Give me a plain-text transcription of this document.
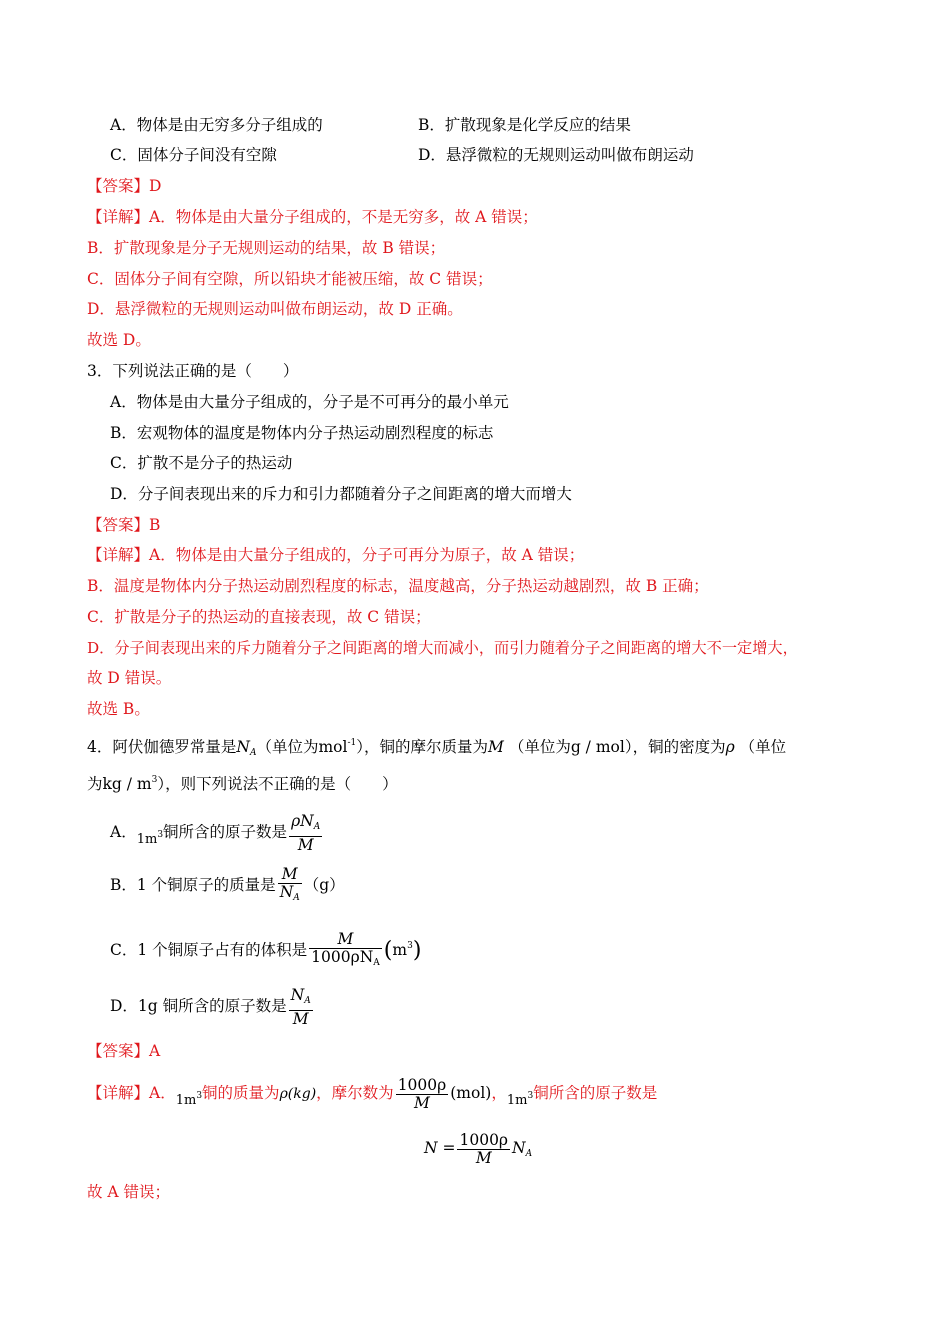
A．物体是由无穷多分子组成的	B．扩散现象是化学反应的结果
C．固体分子间没有空隙	D．悬浮微粒的无规则运动叫做布朗运动
【答案】D
【详解】A．物体是由大量分子组成的，不是无穷多，故 A 错误；
B．扩散现象是分子无规则运动的结果，故 B 错误；
C．固体分子间有空隙，所以铅块才能被压缩，故 C 错误；
D．悬浮微粒的无规则运动叫做布朗运动，故 D 正确。
故选 D。
3．下列说法正确的是（　　）
A．物体是由大量分子组成的，分子是不可再分的最小单元
B．宏观物体的温度是物体内分子热运动剧烈程度的标志
C．扩散不是分子的热运动
D．分子间表现出来的斥力和引力都随着分子之间距离的增大而增大
【答案】B
【详解】A．物体是由大量分子组成的，分子可再分为原子，故 A 错误；
B．温度是物体内分子热运动剧烈程度的标志，温度越高，分子热运动越剧烈，故 B 正确；
C．扩散是分子的热运动的直接表现，故 C 错误；
D．分子间表现出来的斥力随着分子之间距离的增大而减小，而引力随着分子之间距离的增大不一定增大，
故 D 错误。
故选 B。
4．阿伏伽德罗常量是$N_A$（单位为mol$^{-1}$），铜的摩尔质量为M （单位为g / mol），铜的密度为ρ （单位
为kg / $m^3$），则下列说法不正确的是（　　）
A．$_{1m}$3铜所含的原子数是 $\frac{\rho N_A}{M}$
B．1 个铜原子的质量是 $\frac{M}{N_A} (g)$
C．1 个铜原子占有的体积是 $\frac{M}{1000\rho N_A} (m^3)$
D．1g 铜所含的原子数是 $\frac{N_A}{M}$
【答案】A
【详解】A．$_{1m}$3铜的质量为ρ(kg)，摩尔数为 $\frac{1000\rho}{M} (mol)$，$_{1m}$3铜所含的原子数是
$N = \frac{1000\rho}{M} N_A$
故 A 错误；
